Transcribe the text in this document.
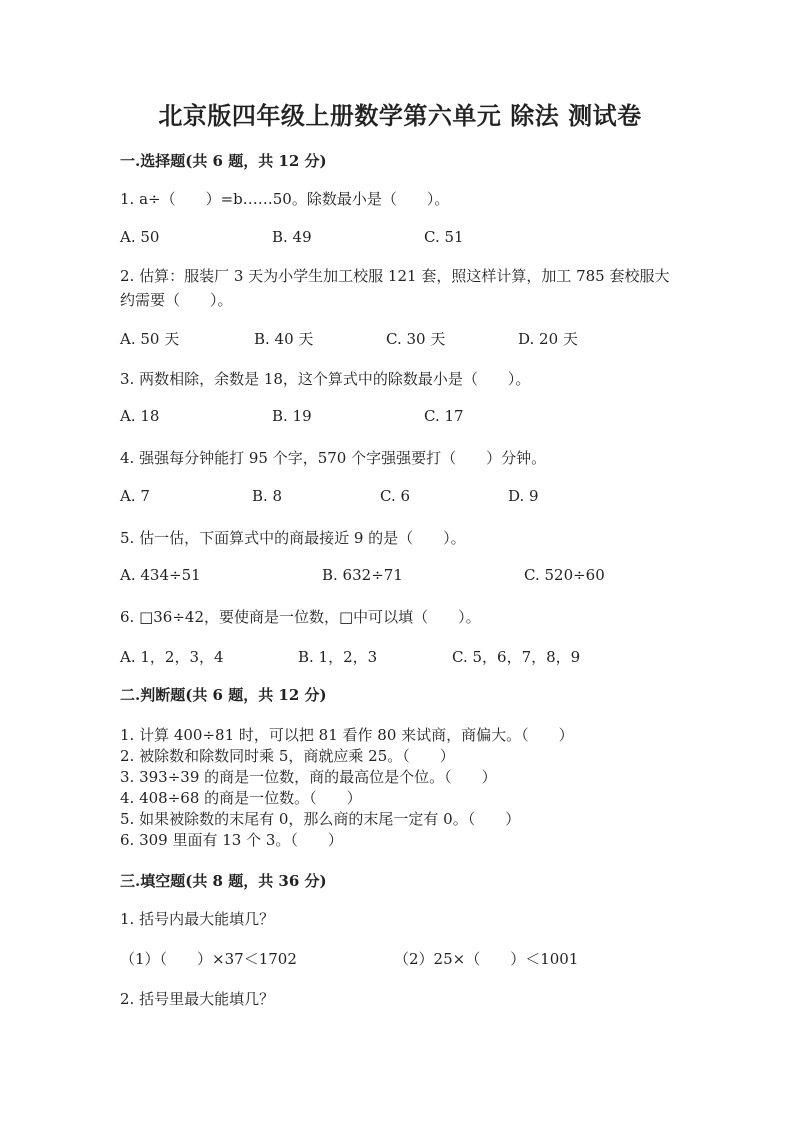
北京版四年级上册数学第六单元 除法 测试卷
一.选择题(共 6 题，共 12 分)
1. a÷（　　）=b……50。除数最小是（　　）。
A. 50	B. 49	C. 51
2. 估算：服装厂 3 天为小学生加工校服 121 套，照这样计算，加工 785 套校服大约需要（　　）。
A. 50 天	B. 40 天	C. 30 天	D. 20 天
3. 两数相除，余数是 18，这个算式中的除数最小是（　　）。
A. 18	B. 19	C. 17
4. 强强每分钟能打 95 个字，570 个字强强要打（　　）分钟。
A. 7	B. 8	C. 6	D. 9
5. 估一估，下面算式中的商最接近 9 的是（　　）。
A. 434÷51	B. 632÷71	C. 520÷60
6. □36÷42，要使商是一位数，□中可以填（　　）。
A. 1，2，3，4	B. 1，2，3	C. 5，6，7，8，9
二.判断题(共 6 题，共 12 分)
1. 计算 400÷81 时，可以把 81 看作 80 来试商，商偏大。（　　）
2. 被除数和除数同时乘 5，商就应乘 25。（　　）
3. 393÷39 的商是一位数，商的最高位是个位。（　　）
4. 408÷68 的商是一位数。（　　）
5. 如果被除数的末尾有 0，那么商的末尾一定有 0。（　　）
6. 309 里面有 13 个 3。（　　）
三.填空题(共 8 题，共 36 分)
1. 括号内最大能填几？
（1）（　　）×37＜1702	（2）25×（　　）＜1001
2. 括号里最大能填几？
